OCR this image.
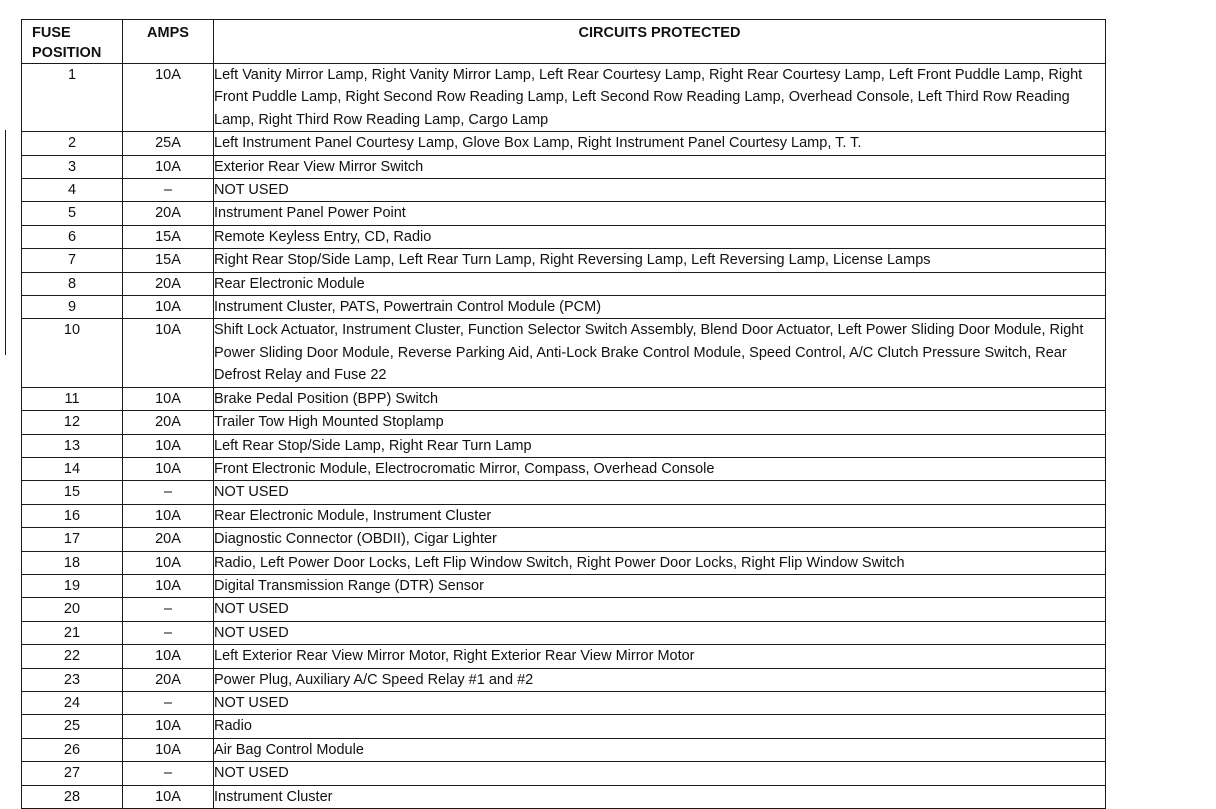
FUSE
POSITION	AMPS	CIRCUITS PROTECTED
1	10A	Left Vanity Mirror Lamp, Right Vanity Mirror Lamp, Left Rear Courtesy Lamp, Right Rear Courtesy Lamp, Left Front Puddle Lamp, Right Front Puddle Lamp, Right Second Row Reading Lamp, Left Second Row Reading Lamp, Overhead Console, Left Third Row Reading Lamp, Right Third Row Reading Lamp, Cargo Lamp
2	25A	Left Instrument Panel Courtesy Lamp, Glove Box Lamp, Right Instrument Panel Courtesy Lamp, T. T.
3	10A	Exterior Rear View Mirror Switch
4	–	NOT USED
5	20A	Instrument Panel Power Point
6	15A	Remote Keyless Entry, CD, Radio
7	15A	Right Rear Stop/Side Lamp, Left Rear Turn Lamp, Right Reversing Lamp, Left Reversing Lamp, License Lamps
8	20A	Rear Electronic Module
9	10A	Instrument Cluster, PATS, Powertrain Control Module (PCM)
10	10A	Shift Lock Actuator, Instrument Cluster, Function Selector Switch Assembly, Blend Door Actuator, Left Power Sliding Door Module, Right Power Sliding Door Module, Reverse Parking Aid, Anti-Lock Brake Control Module, Speed Control, A/C Clutch Pressure Switch, Rear Defrost Relay and Fuse 22
11	10A	Brake Pedal Position (BPP) Switch
12	20A	Trailer Tow High Mounted Stoplamp
13	10A	Left Rear Stop/Side Lamp, Right Rear Turn Lamp
14	10A	Front Electronic Module, Electrocromatic Mirror, Compass, Overhead Console
15	–	NOT USED
16	10A	Rear Electronic Module, Instrument Cluster
17	20A	Diagnostic Connector (OBDII), Cigar Lighter
18	10A	Radio, Left Power Door Locks, Left Flip Window Switch, Right Power Door Locks, Right Flip Window Switch
19	10A	Digital Transmission Range (DTR) Sensor
20	–	NOT USED
21	–	NOT USED
22	10A	Left Exterior Rear View Mirror Motor, Right Exterior Rear View Mirror Motor
23	20A	Power Plug, Auxiliary A/C Speed Relay #1 and #2
24	–	NOT USED
25	10A	Radio
26	10A	Air Bag Control Module
27	–	NOT USED
28	10A	Instrument Cluster
